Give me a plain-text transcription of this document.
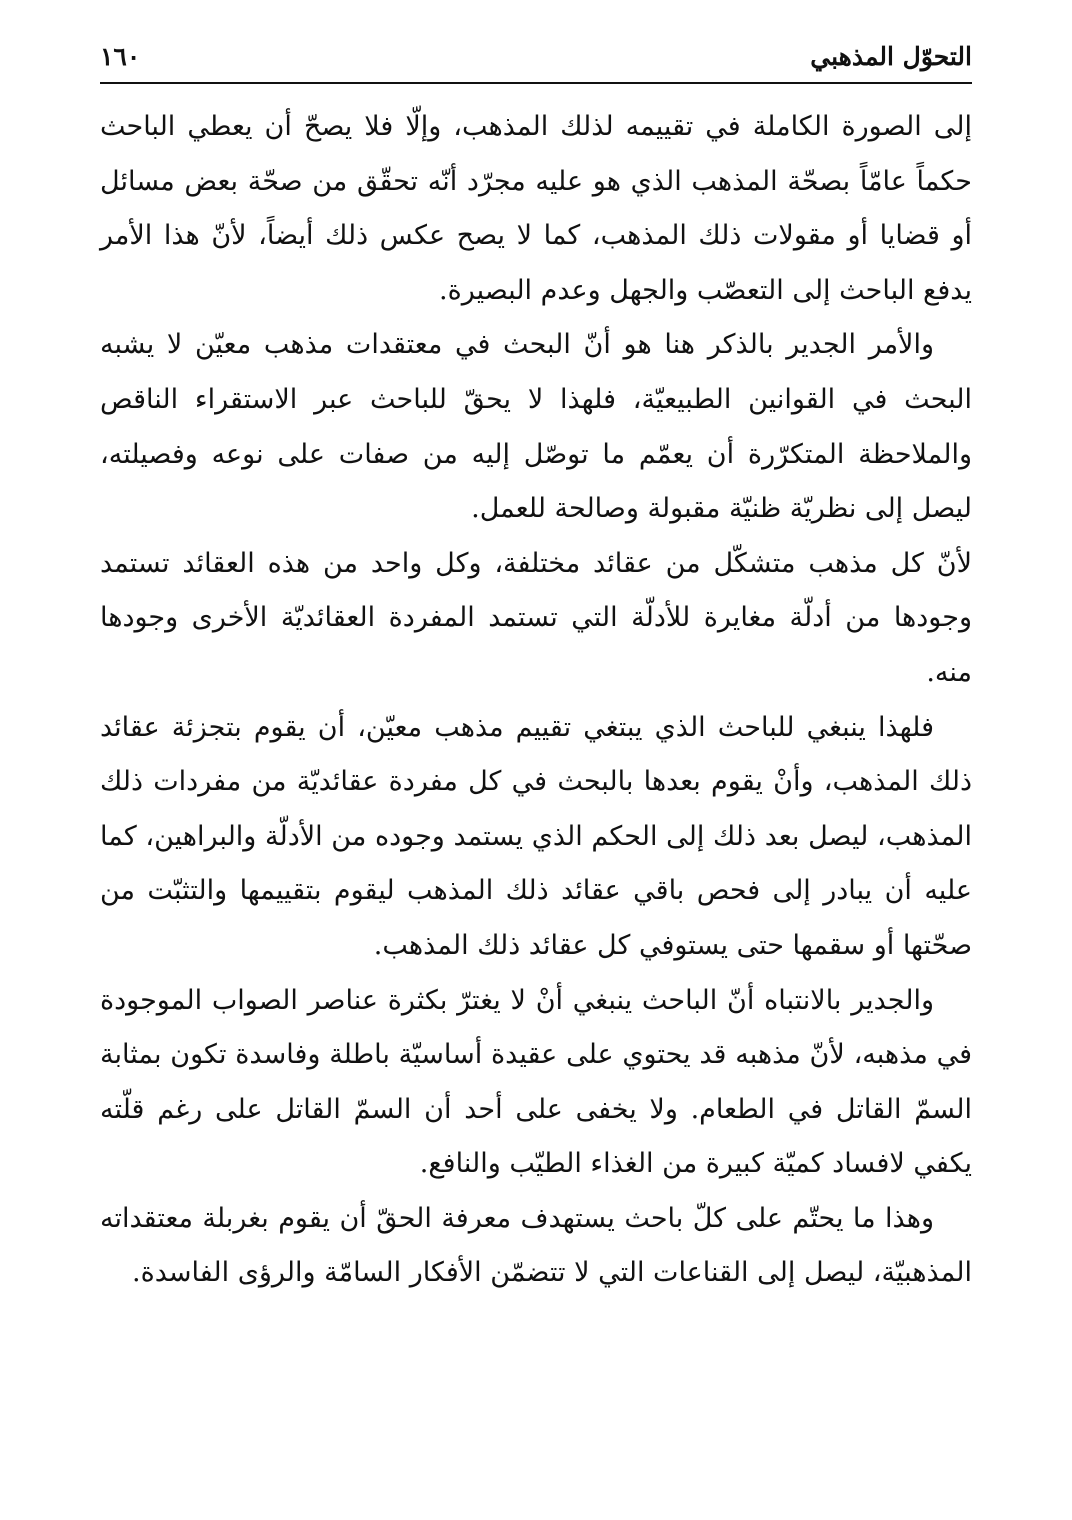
التحوّل المذهبي
١٦٠

إلى الصورة الكاملة في تقييمه لذلك المذهب، وإلّا فلا يصحّ أن يعطي الباحث حكماً عامّاً بصحّة المذهب الذي هو عليه مجرّد أنّه تحقّق من صحّة بعض مسائل أو قضايا أو مقولات ذلك المذهب، كما لا يصح عكس ذلك أيضاً، لأنّ هذا الأمر يدفع الباحث إلى التعصّب والجهل وعدم البصيرة.

والأمر الجدير بالذكر هنا هو أنّ البحث في معتقدات مذهب معيّن لا يشبه البحث في القوانين الطبيعيّة، فلهذا لا يحقّ للباحث عبر الاستقراء الناقص والملاحظة المتكرّرة أن يعمّم ما توصّل إليه من صفات على نوعه وفصيلته، ليصل إلى نظريّة ظنيّة مقبولة وصالحة للعمل.

لأنّ كل مذهب متشكّل من عقائد مختلفة، وكل واحد من هذه العقائد تستمد وجودها من أدلّة مغايرة للأدلّة التي تستمد المفردة العقائديّة الأخرى وجودها منه.

فلهذا ينبغي للباحث الذي يبتغي تقييم مذهب معيّن، أن يقوم بتجزئة عقائد ذلك المذهب، وأنْ يقوم بعدها بالبحث في كل مفردة عقائديّة من مفردات ذلك المذهب، ليصل بعد ذلك إلى الحكم الذي يستمد وجوده من الأدلّة والبراهين، كما عليه أن يبادر إلى فحص باقي عقائد ذلك المذهب ليقوم بتقييمها والتثبّت من صحّتها أو سقمها حتى يستوفي كل عقائد ذلك المذهب.

والجدير بالانتباه أنّ الباحث ينبغي أنْ لا يغترّ بكثرة عناصر الصواب الموجودة في مذهبه، لأنّ مذهبه قد يحتوي على عقيدة أساسيّة باطلة وفاسدة تكون بمثابة السمّ القاتل في الطعام. ولا يخفى على أحد أن السمّ القاتل على رغم قلّته يكفي لافساد كميّة كبيرة من الغذاء الطيّب والنافع.

وهذا ما يحتّم على كلّ باحث يستهدف معرفة الحقّ أن يقوم بغربلة معتقداته المذهبيّة، ليصل إلى القناعات التي لا تتضمّن الأفكار السامّة والرؤى الفاسدة.
